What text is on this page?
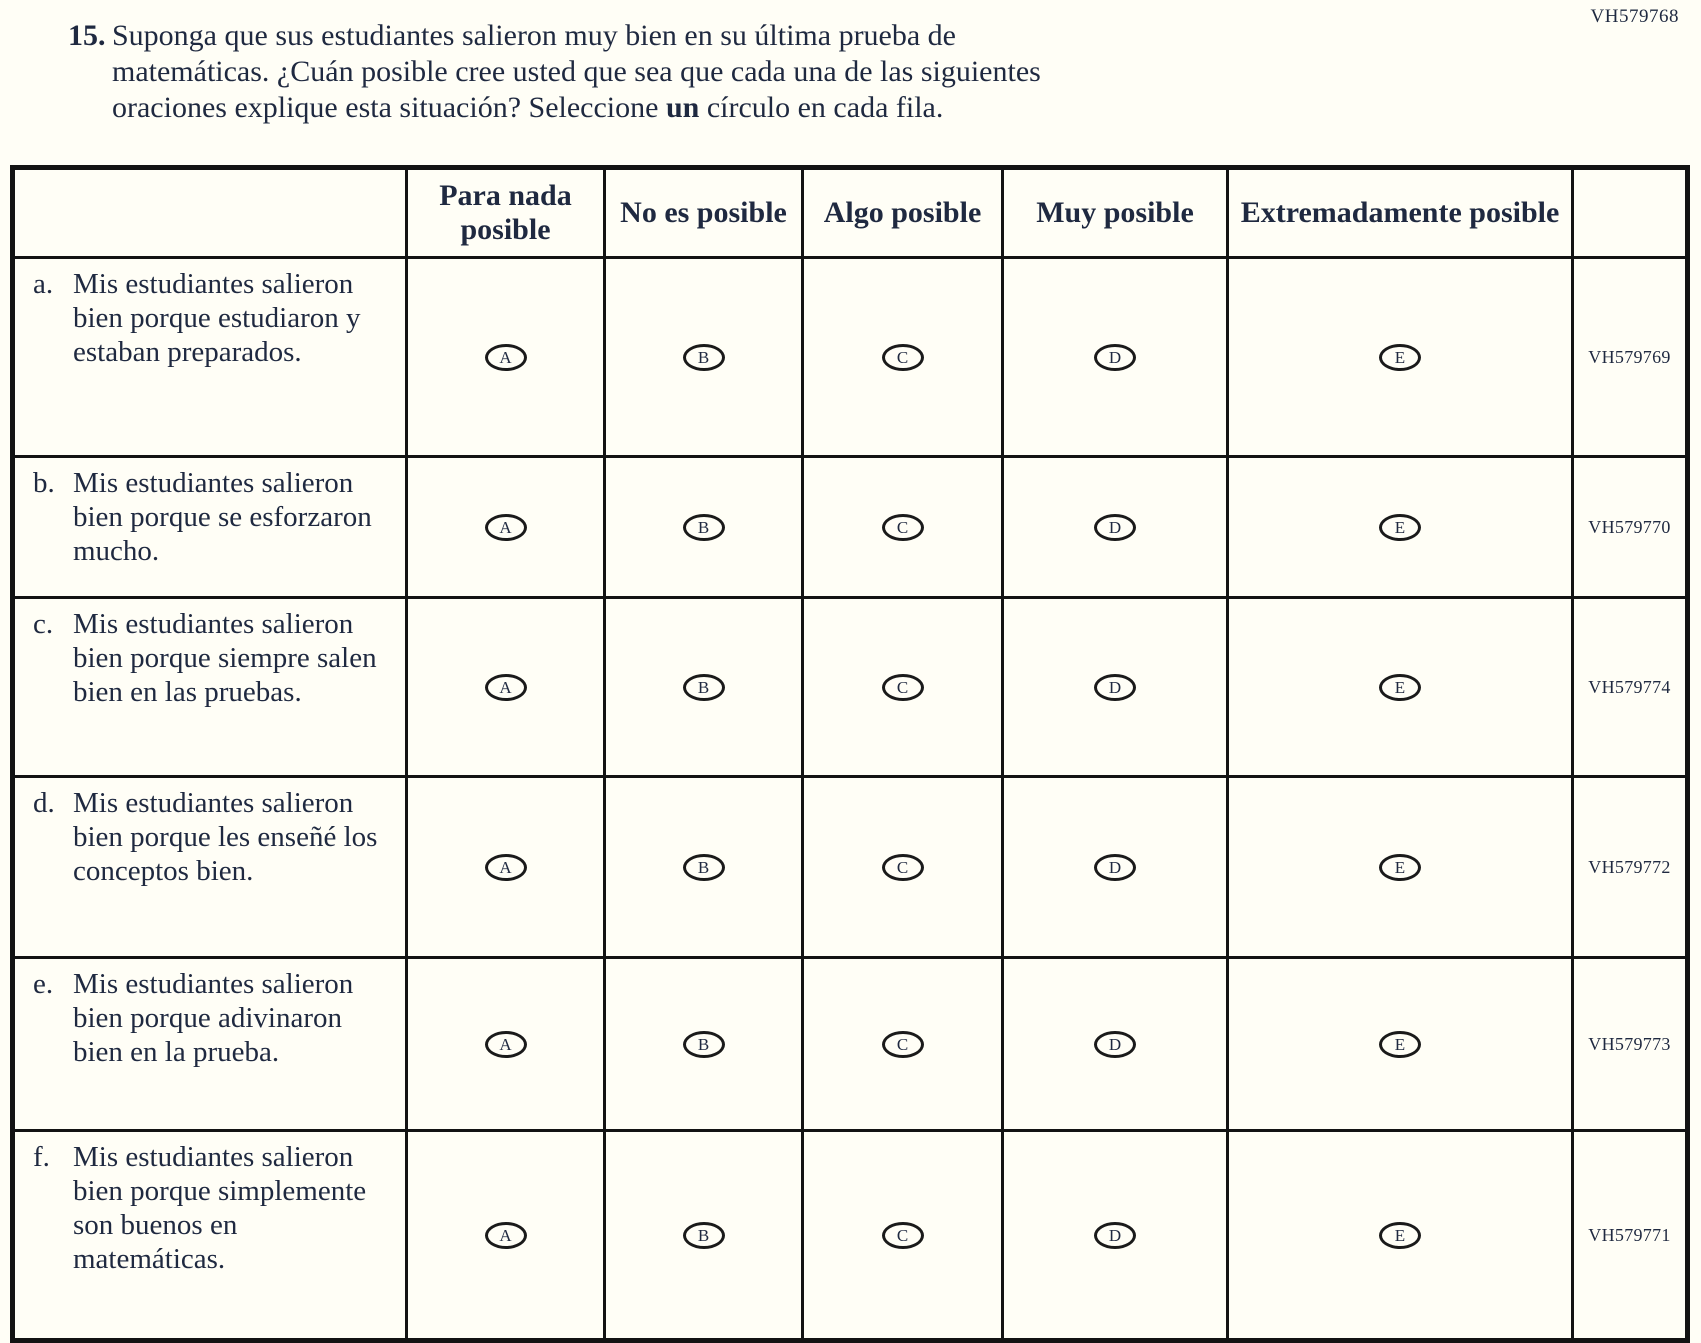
VH579768
15. Suponga que sus estudiantes salieron muy bien en su última prueba de
matemáticas. ¿Cuán posible cree usted que sea que cada una de las siguientes
oraciones explique esta situación? Seleccione un círculo en cada fila.
	Para nada posible	No es posible	Algo posible	Muy posible	Extremadamente posible	

a. Mis estudiantes salieron bien porque estudiaron y estaban preparados.	A	B	C	D	E	VH579769

b. Mis estudiantes salieron bien porque se esforzaron mucho.	A	B	C	D	E	VH579770

c. Mis estudiantes salieron bien porque siempre salen bien en las pruebas.	A	B	C	D	E	VH579774

d. Mis estudiantes salieron bien porque les enseñé los conceptos bien.	A	B	C	D	E	VH579772

e. Mis estudiantes salieron bien porque adivinaron bien en la prueba.	A	B	C	D	E	VH579773

f. Mis estudiantes salieron bien porque simplemente son buenos en matemáticas.	A	B	C	D	E	VH579771
